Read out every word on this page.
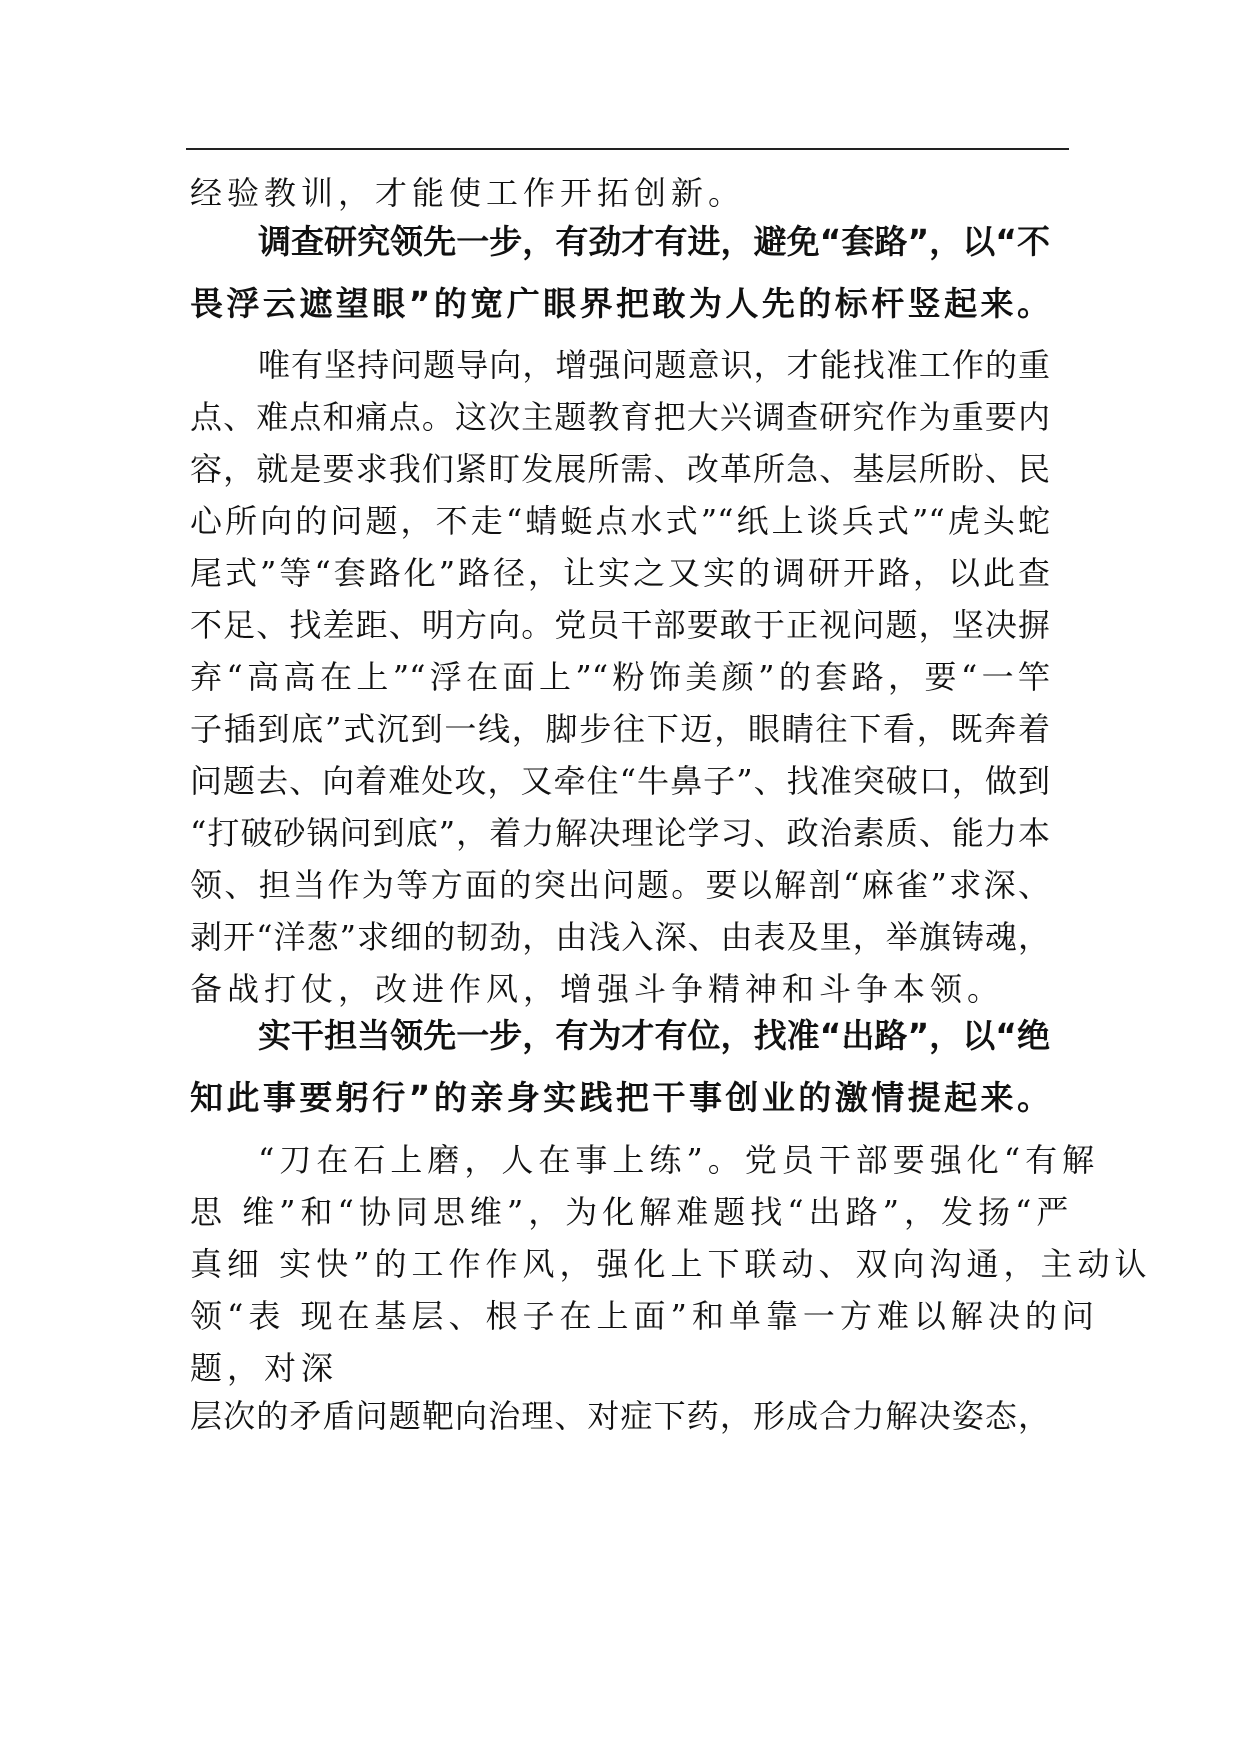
经验教训，才能使工作开拓创新。
调查研究领先一步，有劲才有进，避免“套路”，以“不
畏浮云遮望眼”的宽广眼界把敢为人先的标杆竖起来。
唯有坚持问题导向，增强问题意识，才能找准工作的重
点、难点和痛点。这次主题教育把大兴调查研究作为重要内
容，就是要求我们紧盯发展所需、改革所急、基层所盼、民
心所向的问题，不走“蜻蜓点水式”“纸上谈兵式”“虎头蛇
尾式”等“套路化”路径，让实之又实的调研开路，以此查
不足、找差距、明方向。党员干部要敢于正视问题，坚决摒
弃“高高在上”“浮在面上”“粉饰美颜”的套路，要“一竿
子插到底”式沉到一线，脚步往下迈，眼睛往下看，既奔着
问题去、向着难处攻，又牵住“牛鼻子”、找准突破口，做到
“打破砂锅问到底”，着力解决理论学习、政治素质、能力本
领、担当作为等方面的突出问题。要以解剖“麻雀”求深、
剥开“洋葱”求细的韧劲，由浅入深、由表及里，举旗铸魂，
备战打仗，改进作风，增强斗争精神和斗争本领。
实干担当领先一步，有为才有位，找准“出路”，以“绝
知此事要躬行”的亲身实践把干事创业的激情提起来。
“刀在石上磨，人在事上练”。党员干部要强化“有解
思 维”和“协同思维”，为化解难题找“出路”，发扬“严
真细 实快”的工作作风，强化上下联动、双向沟通，主动认
领“表 现在基层、根子在上面”和单靠一方难以解决的问
题，对深
层次的矛盾问题靶向治理、对症下药，形成合力解决姿态，
